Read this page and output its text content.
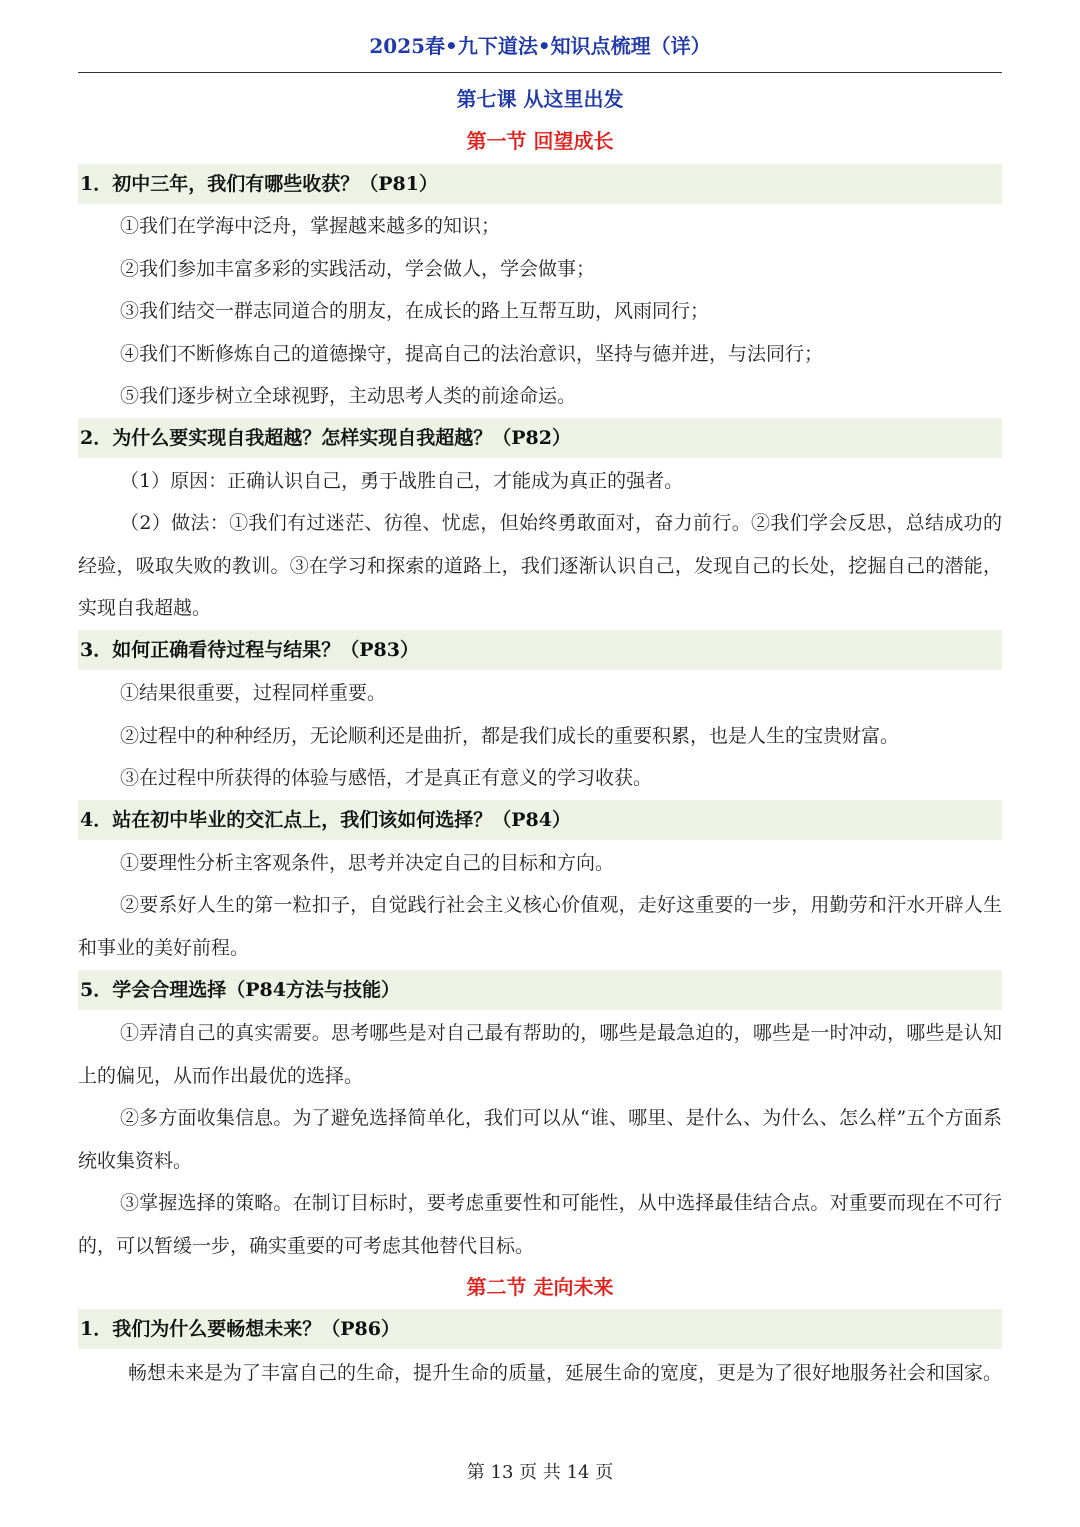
2025春•九下道法•知识点梳理（详）
第七课 从这里出发
第一节 回望成长
1．初中三年，我们有哪些收获？（P81）
①我们在学海中泛舟，掌握越来越多的知识；
②我们参加丰富多彩的实践活动，学会做人，学会做事；
③我们结交一群志同道合的朋友，在成长的路上互帮互助，风雨同行；
④我们不断修炼自己的道德操守，提高自己的法治意识，坚持与德并进，与法同行；
⑤我们逐步树立全球视野，主动思考人类的前途命运。
2．为什么要实现自我超越？怎样实现自我超越？（P82）
（1）原因：正确认识自己，勇于战胜自己，才能成为真正的强者。
（2）做法：①我们有过迷茫、彷徨、忧虑，但始终勇敢面对，奋力前行。②我们学会反思，总结成功的经验，吸取失败的教训。③在学习和探索的道路上，我们逐渐认识自己，发现自己的长处，挖掘自己的潜能，实现自我超越。
3．如何正确看待过程与结果？（P83）
①结果很重要，过程同样重要。
②过程中的种种经历，无论顺利还是曲折，都是我们成长的重要积累，也是人生的宝贵财富。
③在过程中所获得的体验与感悟，才是真正有意义的学习收获。
4．站在初中毕业的交汇点上，我们该如何选择？（P84）
①要理性分析主客观条件，思考并决定自己的目标和方向。
②要系好人生的第一粒扣子，自觉践行社会主义核心价值观，走好这重要的一步，用勤劳和汗水开辟人生和事业的美好前程。
5．学会合理选择（P84方法与技能）
①弄清自己的真实需要。思考哪些是对自己最有帮助的，哪些是最急迫的，哪些是一时冲动，哪些是认知上的偏见，从而作出最优的选择。
②多方面收集信息。为了避免选择简单化，我们可以从“谁、哪里、是什么、为什么、怎么样”五个方面系统收集资料。
③掌握选择的策略。在制订目标时，要考虑重要性和可能性，从中选择最佳结合点。对重要而现在不可行的，可以暂缓一步，确实重要的可考虑其他替代目标。
第二节 走向未来
1．我们为什么要畅想未来？（P86）
畅想未来是为了丰富自己的生命，提升生命的质量，延展生命的宽度，更是为了很好地服务社会和国家。
第 13 页 共 14 页
